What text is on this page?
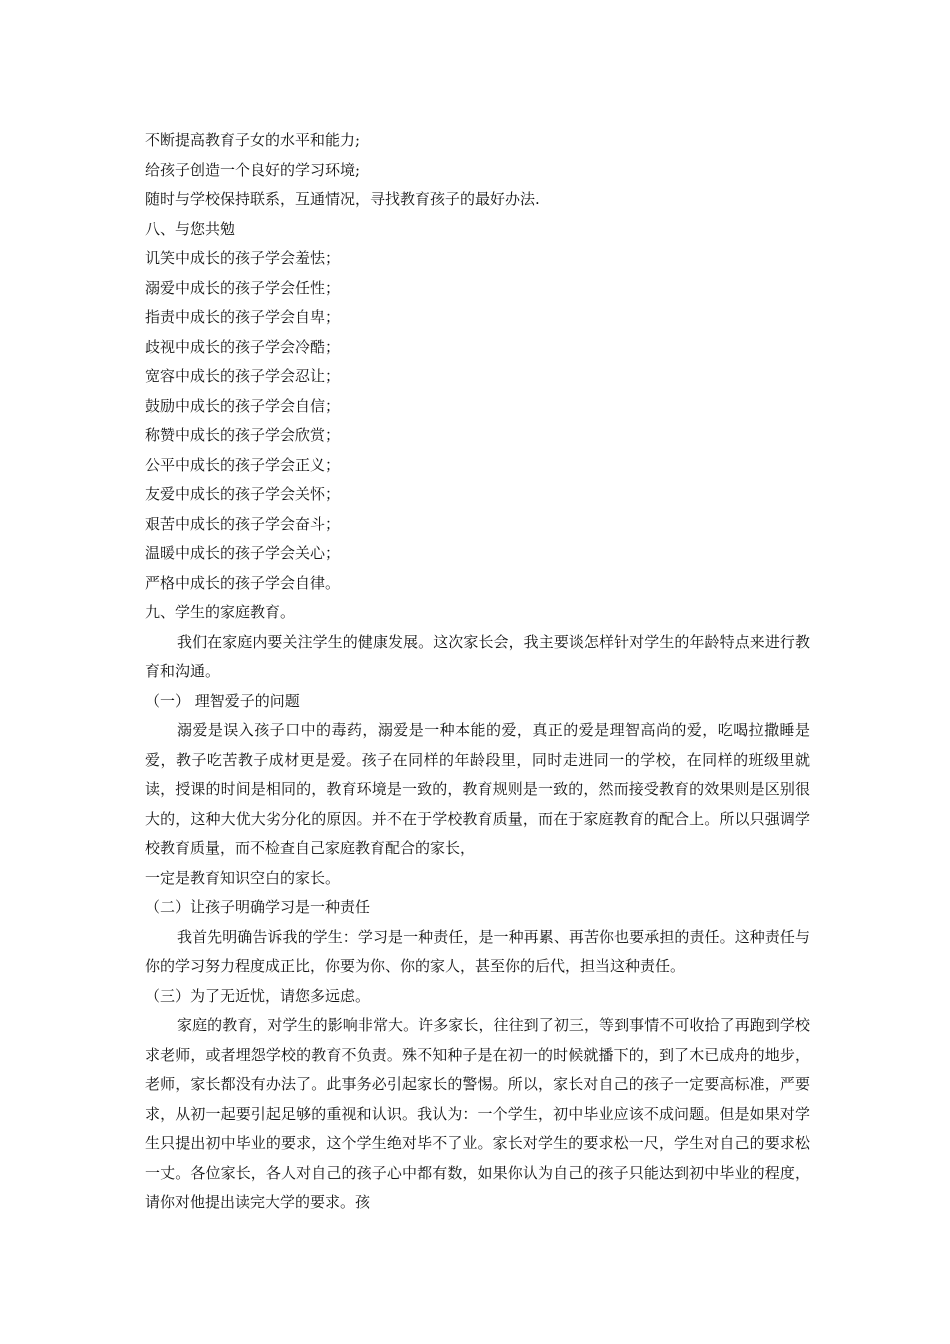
不断提高教育子女的水平和能力;

给孩子创造一个良好的学习环境;

随时与学校保持联系，互通情况，寻找教育孩子的最好办法.

八、与您共勉

讥笑中成长的孩子学会羞怯；

溺爱中成长的孩子学会任性；

指责中成长的孩子学会自卑；

歧视中成长的孩子学会冷酷；

宽容中成长的孩子学会忍让；

鼓励中成长的孩子学会自信；

称赞中成长的孩子学会欣赏；

公平中成长的孩子学会正义；

友爱中成长的孩子学会关怀；

艰苦中成长的孩子学会奋斗；

温暖中成长的孩子学会关心；

严格中成长的孩子学会自律。

九、学生的家庭教育。

我们在家庭内要关注学生的健康发展。这次家长会，我主要谈怎样针对学生的年龄特点来进行教育和沟通。

（一） 理智爱子的问题

溺爱是误入孩子口中的毒药，溺爱是一种本能的爱，真正的爱是理智高尚的爱，吃喝拉撒睡是爱，教子吃苦教子成材更是爱。孩子在同样的年龄段里，同时走进同一的学校，在同样的班级里就读，授课的时间是相同的，教育环境是一致的，教育规则是一致的，然而接受教育的效果则是区别很大的，这种大优大劣分化的原因。并不在于学校教育质量，而在于家庭教育的配合上。所以只强调学校教育质量，而不检查自己家庭教育配合的家长，

一定是教育知识空白的家长。

（二）让孩子明确学习是一种责任

我首先明确告诉我的学生：学习是一种责任，是一种再累、再苦你也要承担的责任。这种责任与你的学习努力程度成正比，你要为你、你的家人，甚至你的后代，担当这种责任。

（三）为了无近忧，请您多远虑。

家庭的教育，对学生的影响非常大。许多家长，往往到了初三，等到事情不可收拾了再跑到学校求老师，或者埋怨学校的教育不负责。殊不知种子是在初一的时候就播下的，到了木已成舟的地步，老师，家长都没有办法了。此事务必引起家长的警惕。所以，家长对自己的孩子一定要高标准，严要求，从初一起要引起足够的重视和认识。我认为：一个学生，初中毕业应该不成问题。但是如果对学生只提出初中毕业的要求，这个学生绝对毕不了业。家长对学生的要求松一尺，学生对自己的要求松一丈。各位家长，各人对自己的孩子心中都有数，如果你认为自己的孩子只能达到初中毕业的程度，请你对他提出读完大学的要求。孩
